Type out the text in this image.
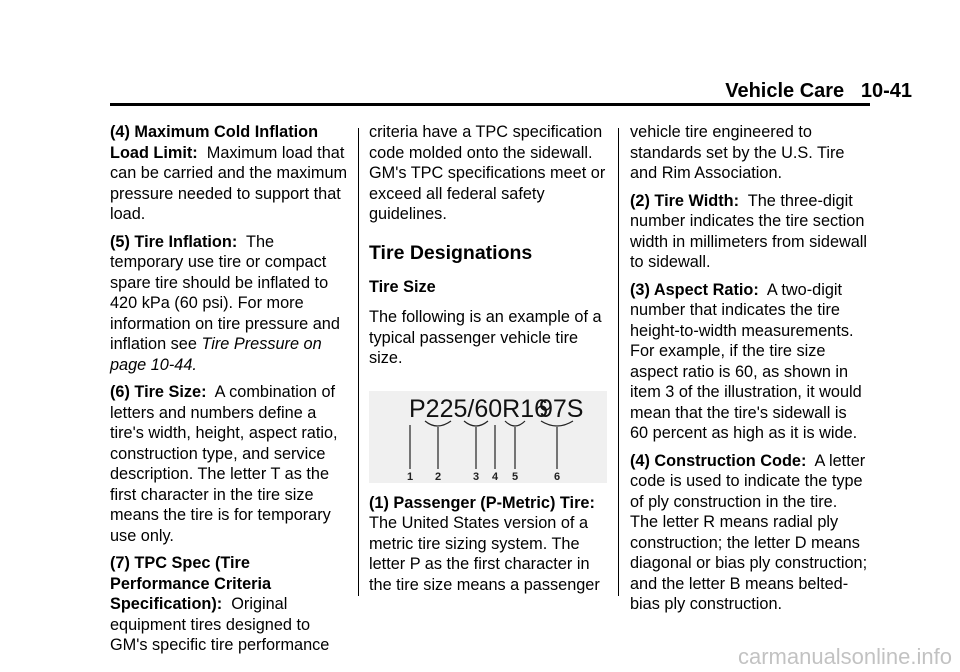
Vehicle Care 10-41

(4) Maximum Cold Inflation Load Limit: Maximum load that can be carried and the maximum pressure needed to support that load.

(5) Tire Inflation: The temporary use tire or compact spare tire should be inflated to 420 kPa (60 psi). For more information on tire pressure and inflation see Tire Pressure on page 10-44.

(6) Tire Size: A combination of letters and numbers define a tire's width, height, aspect ratio, construction type, and service description. The letter T as the first character in the tire size means the tire is for temporary use only.

(7) TPC Spec (Tire Performance Criteria Specification): Original equipment tires designed to GM's specific tire performance

criteria have a TPC specification code molded onto the sidewall. GM's TPC specifications meet or exceed all federal safety guidelines.

Tire Designations

Tire Size

The following is an example of a typical passenger vehicle tire size.

P225/60R16
97S
1 2	3 4 5	6

(1) Passenger (P-Metric) Tire: The United States version of a metric tire sizing system. The letter P as the first character in the tire size means a passenger

vehicle tire engineered to standards set by the U.S. Tire and Rim Association.

(2) Tire Width: The three-digit number indicates the tire section width in millimeters from sidewall to sidewall.

(3) Aspect Ratio: A two-digit number that indicates the tire height-to-width measurements. For example, if the tire size aspect ratio is 60, as shown in item 3 of the illustration, it would mean that the tire's sidewall is 60 percent as high as it is wide.

(4) Construction Code: A letter code is used to indicate the type of ply construction in the tire. The letter R means radial ply construction; the letter D means diagonal or bias ply construction; and the letter B means belted-bias ply construction.

carmanualsonline.info
